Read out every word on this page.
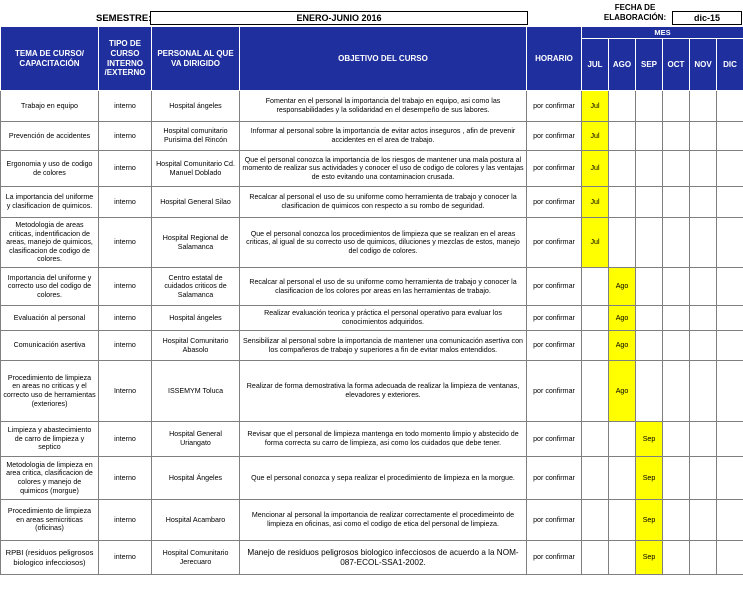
SEMESTRE:	ENERO-JUNIO 2016
FECHA DE ELABORACIÓN:	dic-15
TEMA DE CURSO/ CAPACITACIÓN	TIPO DE CURSO INTERNO /EXTERNO	PERSONAL AL QUE VA DIRIGIDO	OBJETIVO DEL CURSO	HORARIO	MES					
					JUL	AGO	SEP	OCT	NOV	DIC
Trabajo en equipo	interno	Hospital ángeles	Fomentar en el personal la importancia del trabajo en equipo, asi como las responsabilidades y la solidaridad en el desempeño de sus labores.	por confirmar	Jul					
Prevención de accidentes	interno	Hospital comunitario Purisima del Rincón	Informar al personal sobre la importancia de evitar actos inseguros , afin de prevenir accidentes en el area de trabajo.	por confirmar	Jul					
Ergonomia y uso de codigo de colores	interno	Hospital Comunitario Cd. Manuel Doblado	Que el personal conozca la importancia de los riesgos de mantener una mala postura al momento de realizar sus actividades y conocer el uso de codigo de colores y las ventajas de esto evitando una contaminacion crusada.	por confirmar	Jul					
La importancia del uniforme y clasificacion de quimicos.	interno	Hospital General Silao	Recalcar al personal el uso de su uniforme como herramienta de trabajo y conocer la clasificacion de quimicos con respecto a su rombo de seguridad.	por confirmar	Jul					
Metodologia de areas criticas, indentificacion de areas, manejo de quimicos, clasificacion de codigo de colores.	interno	Hospital Regional de Salamanca	Que el personal conozca los procedimientos de limpieza que se realizan en el areas criticas, al igual de su correcto uso de quimicos, diluciones y mezclas de estos, manejo del codigo de colores.	por confirmar	Jul					
Importancia del uniforme y correcto uso del codigo de colores.	interno	Centro estatal de cuidados criticos de Salamanca	Recalcar al personal el uso de su uniforme como herramienta de trabajo y conocer la clasificacion de los colores por areas en las herramientas de trabajo.	por confirmar		Ago				
Evaluación al personal	interno	Hospital ángeles	Realizar evaluación teorica y práctica el personal operativo para evaluar los conocimientos adquiridos.	por confirmar		Ago				
Comunicación asertiva	interno	Hospital Comunitario Abasolo	Sensibilizar al personal sobre la importancia de mantener una comunicación asertiva con los compañeros de trabajo y superiores a fin de evitar malos entendidos.	por confirmar		Ago				
Procedimiento de limpieza en areas no criticas y el correcto uso de herramientas (exteriores)	Interno	ISSEMYM Toluca	Realizar de forma demostrativa la forma adecuada de realizar la limpieza de ventanas, elevadores y exteriores.	por confirmar		Ago				
Limpieza y abastecimiento de carro de limpieza y septico	interno	Hospital General Uriangato	Revisar que el personal de limpieza mantenga en todo momento limpio y abstecido de forma correcta su carro de limpieza, asi como los cuidados que debe tener.	por confirmar			Sep			
Metodologia de limpieza en area critica, clasificacion de colores y manejo de quimicos (morgue)	interno	Hospital Ángeles	Que el personal conozca y sepa realizar el procedimiento de limpieza en la morgue.	por confirmar			Sep			
Procedimiento de limpieza en areas semicriticas (oficinas)	interno	Hospital Acambaro	Mencionar al personal la importancia de realizar correctamente el procedimeinto de limpieza en oficinas, asi como el codigo de etica del personal de limpieza.	por confirmar			Sep			
RPBI (residuos peligrosos biologico infecciosos)	interno	Hospital Comunitario Jerecuaro	Manejo de residuos peligrosos biologico infecciosos de acuerdo a la NOM-087-ECOL-SSA1-2002.	por confirmar			Sep			
